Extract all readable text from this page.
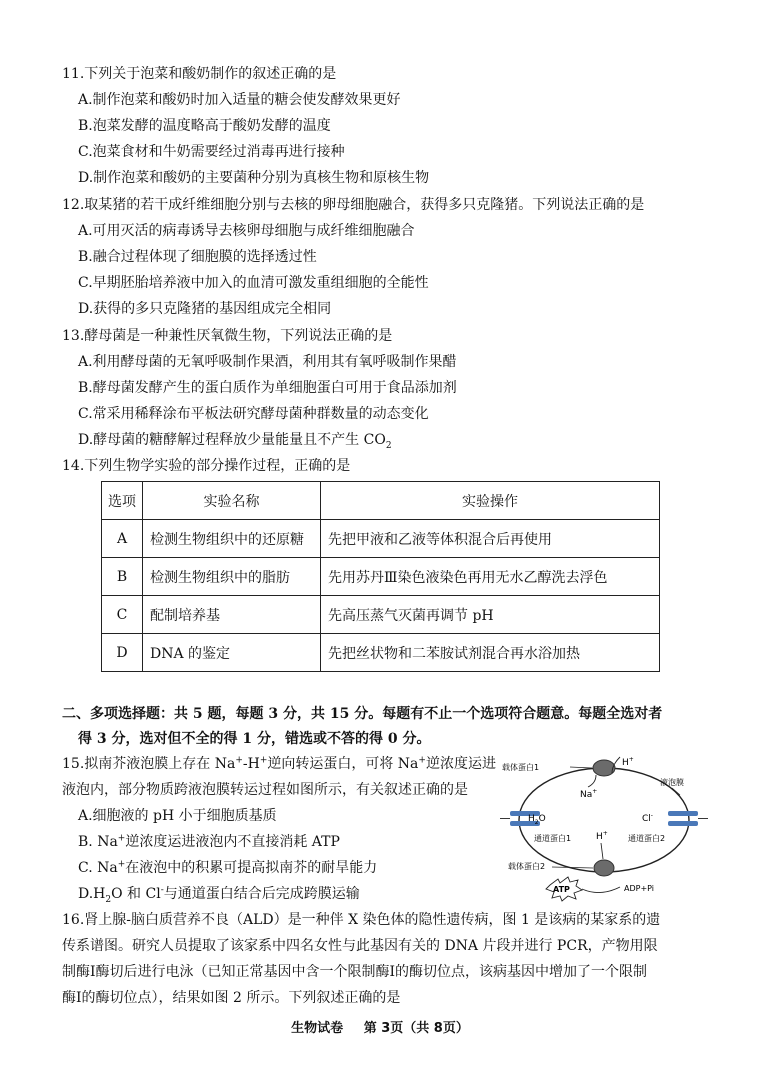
11.下列关于泡菜和酸奶制作的叙述正确的是
A.制作泡菜和酸奶时加入适量的糖会使发酵效果更好
B.泡菜发酵的温度略高于酸奶发酵的温度
C.泡菜食材和牛奶需要经过消毒再进行接种
D.制作泡菜和酸奶的主要菌种分别为真核生物和原核生物
12.取某猪的若干成纤维细胞分别与去核的卵母细胞融合，获得多只克隆猪。下列说法正确的是
A.可用灭活的病毒诱导去核卵母细胞与成纤维细胞融合
B.融合过程体现了细胞膜的选择透过性
C.早期胚胎培养液中加入的血清可激发重组细胞的全能性
D.获得的多只克隆猪的基因组成完全相同
13.酵母菌是一种兼性厌氧微生物，下列说法正确的是
A.利用酵母菌的无氧呼吸制作果酒，利用其有氧呼吸制作果醋
B.酵母菌发酵产生的蛋白质作为单细胞蛋白可用于食品添加剂
C.常采用稀释涂布平板法研究酵母菌种群数量的动态变化
D.酵母菌的糖酵解过程释放少量能量且不产生 $CO_2$
14.下列生物学实验的部分操作过程，正确的是
选项	实验名称	实验操作
A	检测生物组织中的还原糖	先把甲液和乙液等体积混合后再使用
B	检测生物组织中的脂肪	先用苏丹Ⅲ染色液染色再用无水乙醇洗去浮色
C	配制培养基	先高压蒸气灭菌再调节 pH
D	DNA 的鉴定	先把丝状物和二苯胺试剂混合再水浴加热
二、多项选择题：共 5 题，每题 3 分，共 15 分。每题有不止一个选项符合题意。每题全选对者
得 3 分，选对但不全的得 1 分，错选或不答的得 0 分。
15.拟南芥液泡膜上存在 Na+-H+逆向转运蛋白，可将 Na+逆浓度运进
液泡内，部分物质跨液泡膜转运过程如图所示，有关叙述正确的是
A.细胞液的 pH 小于细胞质基质
B. Na+逆浓度运进液泡内不直接消耗 ATP
C. Na+在液泡中的积累可提高拟南芥的耐旱能力
$D.H_2O$ 和 Cl-与通道蛋白结合后完成跨膜运输
16.肾上腺-脑白质营养不良（ALD）是一种伴 X 染色体的隐性遗传病，图 1 是该病的某家系的遗
传系谱图。研究人员提取了该家系中四名女性与此基因有关的 DNA 片段并进行 PCR，产物用限
制酶Ⅰ酶切后进行电泳（已知正常基因中含一个限制酶Ⅰ的酶切位点，该病基因中增加了一个限制
酶Ⅰ的酶切位点），结果如图 2 所示。下列叙述正确的是
生物试卷 第 3页（共 8页）
载体蛋白1	H+
Na+
液泡膜
$H_2O$
通道蛋白1
Cl-
通道蛋白2
H+
载体蛋白2
ATP	ADP+Pi
